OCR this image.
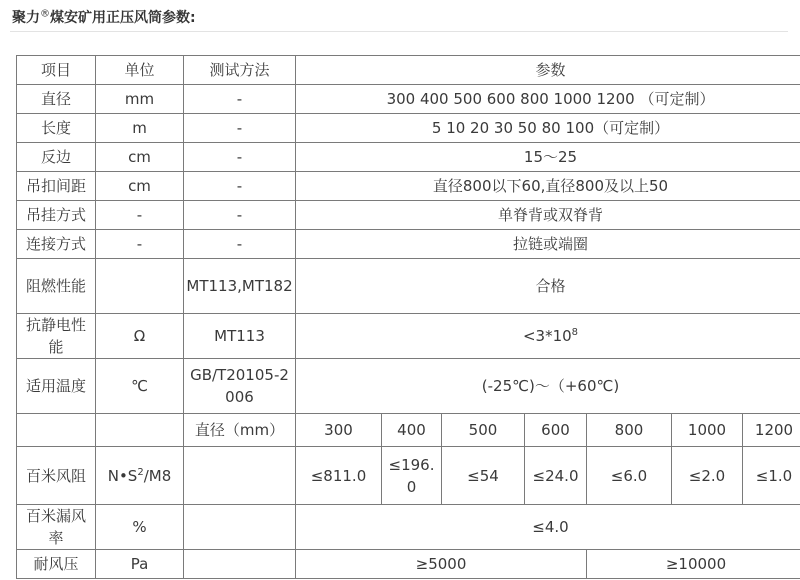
聚力®煤安矿用正压风筒参数:
项目	单位	测试方法	参数						
直径	mm	-	300 400 500 600 800 1000 1200 （可定制）						
长度	m	-	5 10 20 30 50 80 100（可定制）						
反边	cm	-	15～25						
吊扣间距	cm	-	直径800以下60,直径800及以上50						
吊挂方式	-	-	单脊背或双脊背						
连接方式	-	-	拉链或端圈						
阻燃性能		MT113,MT182	合格						
抗静电性能	Ω	MT113	$<3*10^8$
适用温度	℃	GB/T20105-2006	(-25℃)～（+60℃)						
		直径（mm）	300	400	500	600	800	1000	1200
百米风阻	$N•S^2/M8$		≤811.0	≤196.0	≤54	≤24.0	≤6.0	≤2.0	≤1.0
百米漏风率	%		≤4.0						
耐风压	Pa		≥5000				≥10000		
